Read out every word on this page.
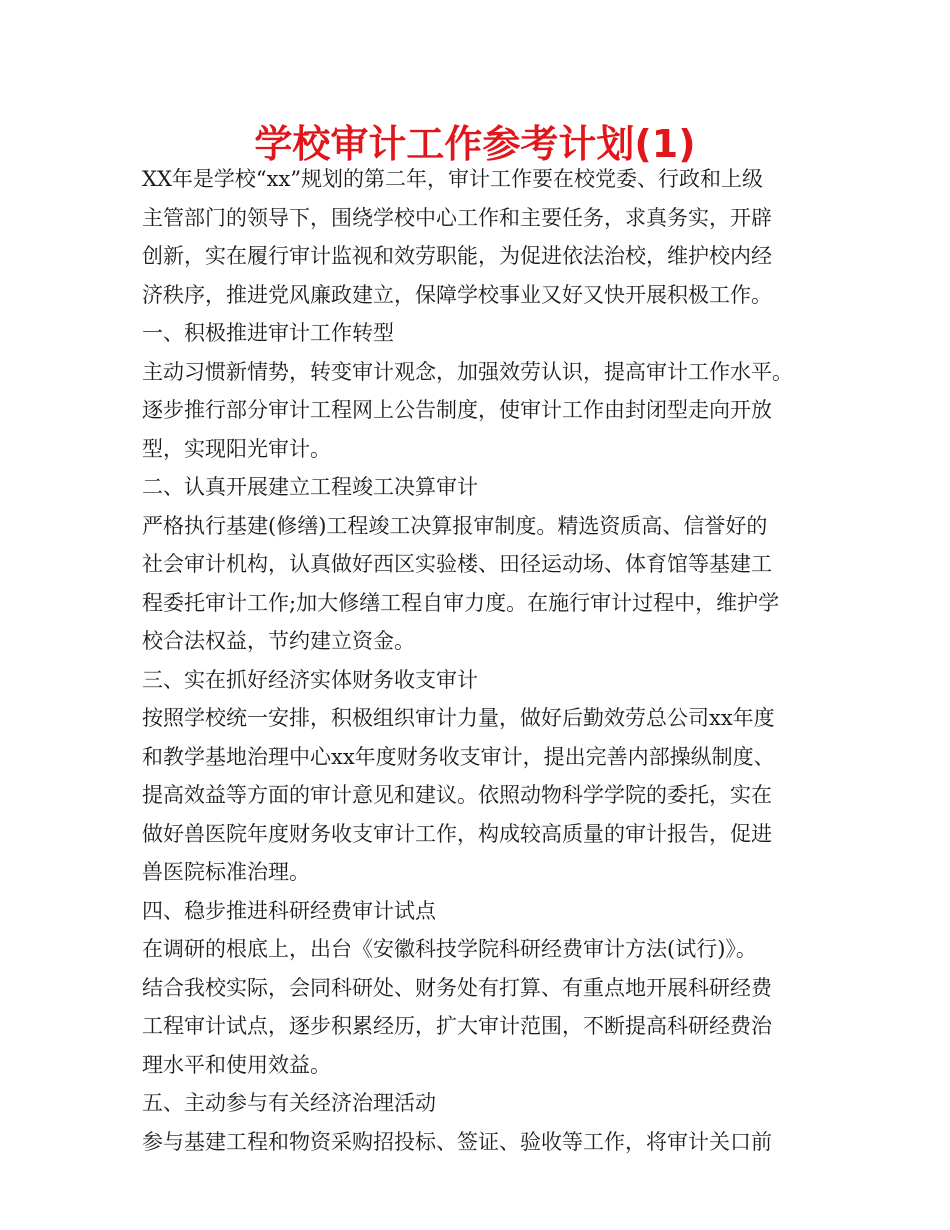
学校审计工作参考计划(1)
XX年是学校“xx”规划的第二年，审计工作要在校党委、行政和上级
主管部门的领导下，围绕学校中心工作和主要任务，求真务实，开辟
创新，实在履行审计监视和效劳职能，为促进依法治校，维护校内经
济秩序，推进党风廉政建立，保障学校事业又好又快开展积极工作。
一、积极推进审计工作转型
主动习惯新情势，转变审计观念，加强效劳认识，提高审计工作水平。
逐步推行部分审计工程网上公告制度，使审计工作由封闭型走向开放
型，实现阳光审计。
二、认真开展建立工程竣工决算审计
严格执行基建(修缮)工程竣工决算报审制度。精选资质高、信誉好的
社会审计机构，认真做好西区实验楼、田径运动场、体育馆等基建工
程委托审计工作;加大修缮工程自审力度。在施行审计过程中，维护学
校合法权益，节约建立资金。
三、实在抓好经济实体财务收支审计
按照学校统一安排，积极组织审计力量，做好后勤效劳总公司xx年度
和教学基地治理中心xx年度财务收支审计，提出完善内部操纵制度、
提高效益等方面的审计意见和建议。依照动物科学学院的委托，实在
做好兽医院年度财务收支审计工作，构成较高质量的审计报告，促进
兽医院标准治理。
四、稳步推进科研经费审计试点
在调研的根底上，出台《安徽科技学院科研经费审计方法(试行)》。
结合我校实际，会同科研处、财务处有打算、有重点地开展科研经费
工程审计试点，逐步积累经历，扩大审计范围，不断提高科研经费治
理水平和使用效益。
五、主动参与有关经济治理活动
参与基建工程和物资采购招投标、签证、验收等工作，将审计关口前
